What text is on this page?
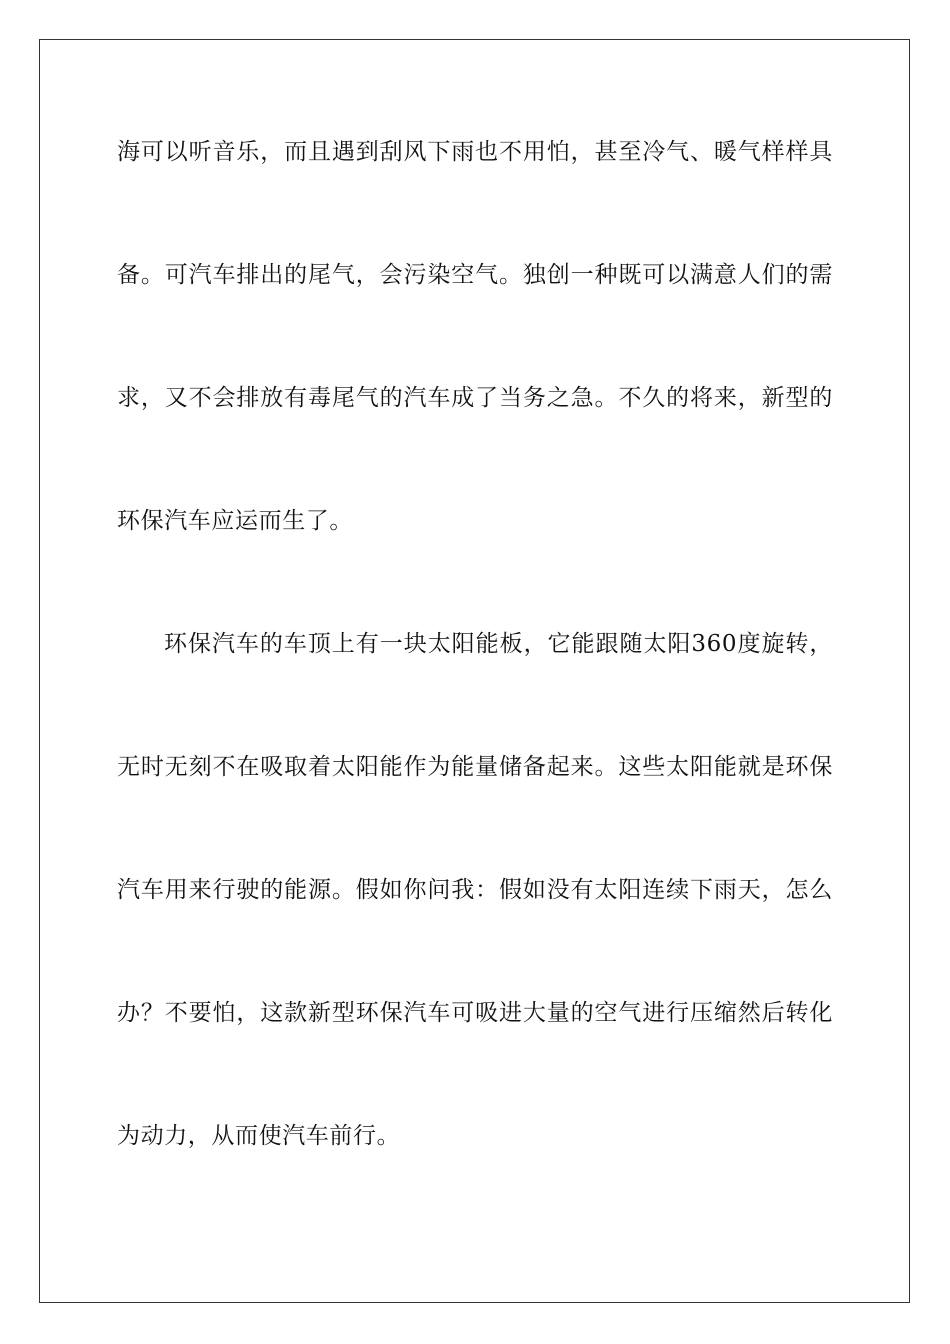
海可以听音乐，而且遇到刮风下雨也不用怕，甚至冷气、暖气样样具
备。可汽车排出的尾气，会污染空气。独创一种既可以满意人们的需
求，又不会排放有毒尾气的汽车成了当务之急。不久的将来，新型的
环保汽车应运而生了。
环保汽车的车顶上有一块太阳能板，它能跟随太阳360度旋转，
无时无刻不在吸取着太阳能作为能量储备起来。这些太阳能就是环保
汽车用来行驶的能源。假如你问我：假如没有太阳连续下雨天，怎么
办？不要怕，这款新型环保汽车可吸进大量的空气进行压缩然后转化
为动力，从而使汽车前行。
